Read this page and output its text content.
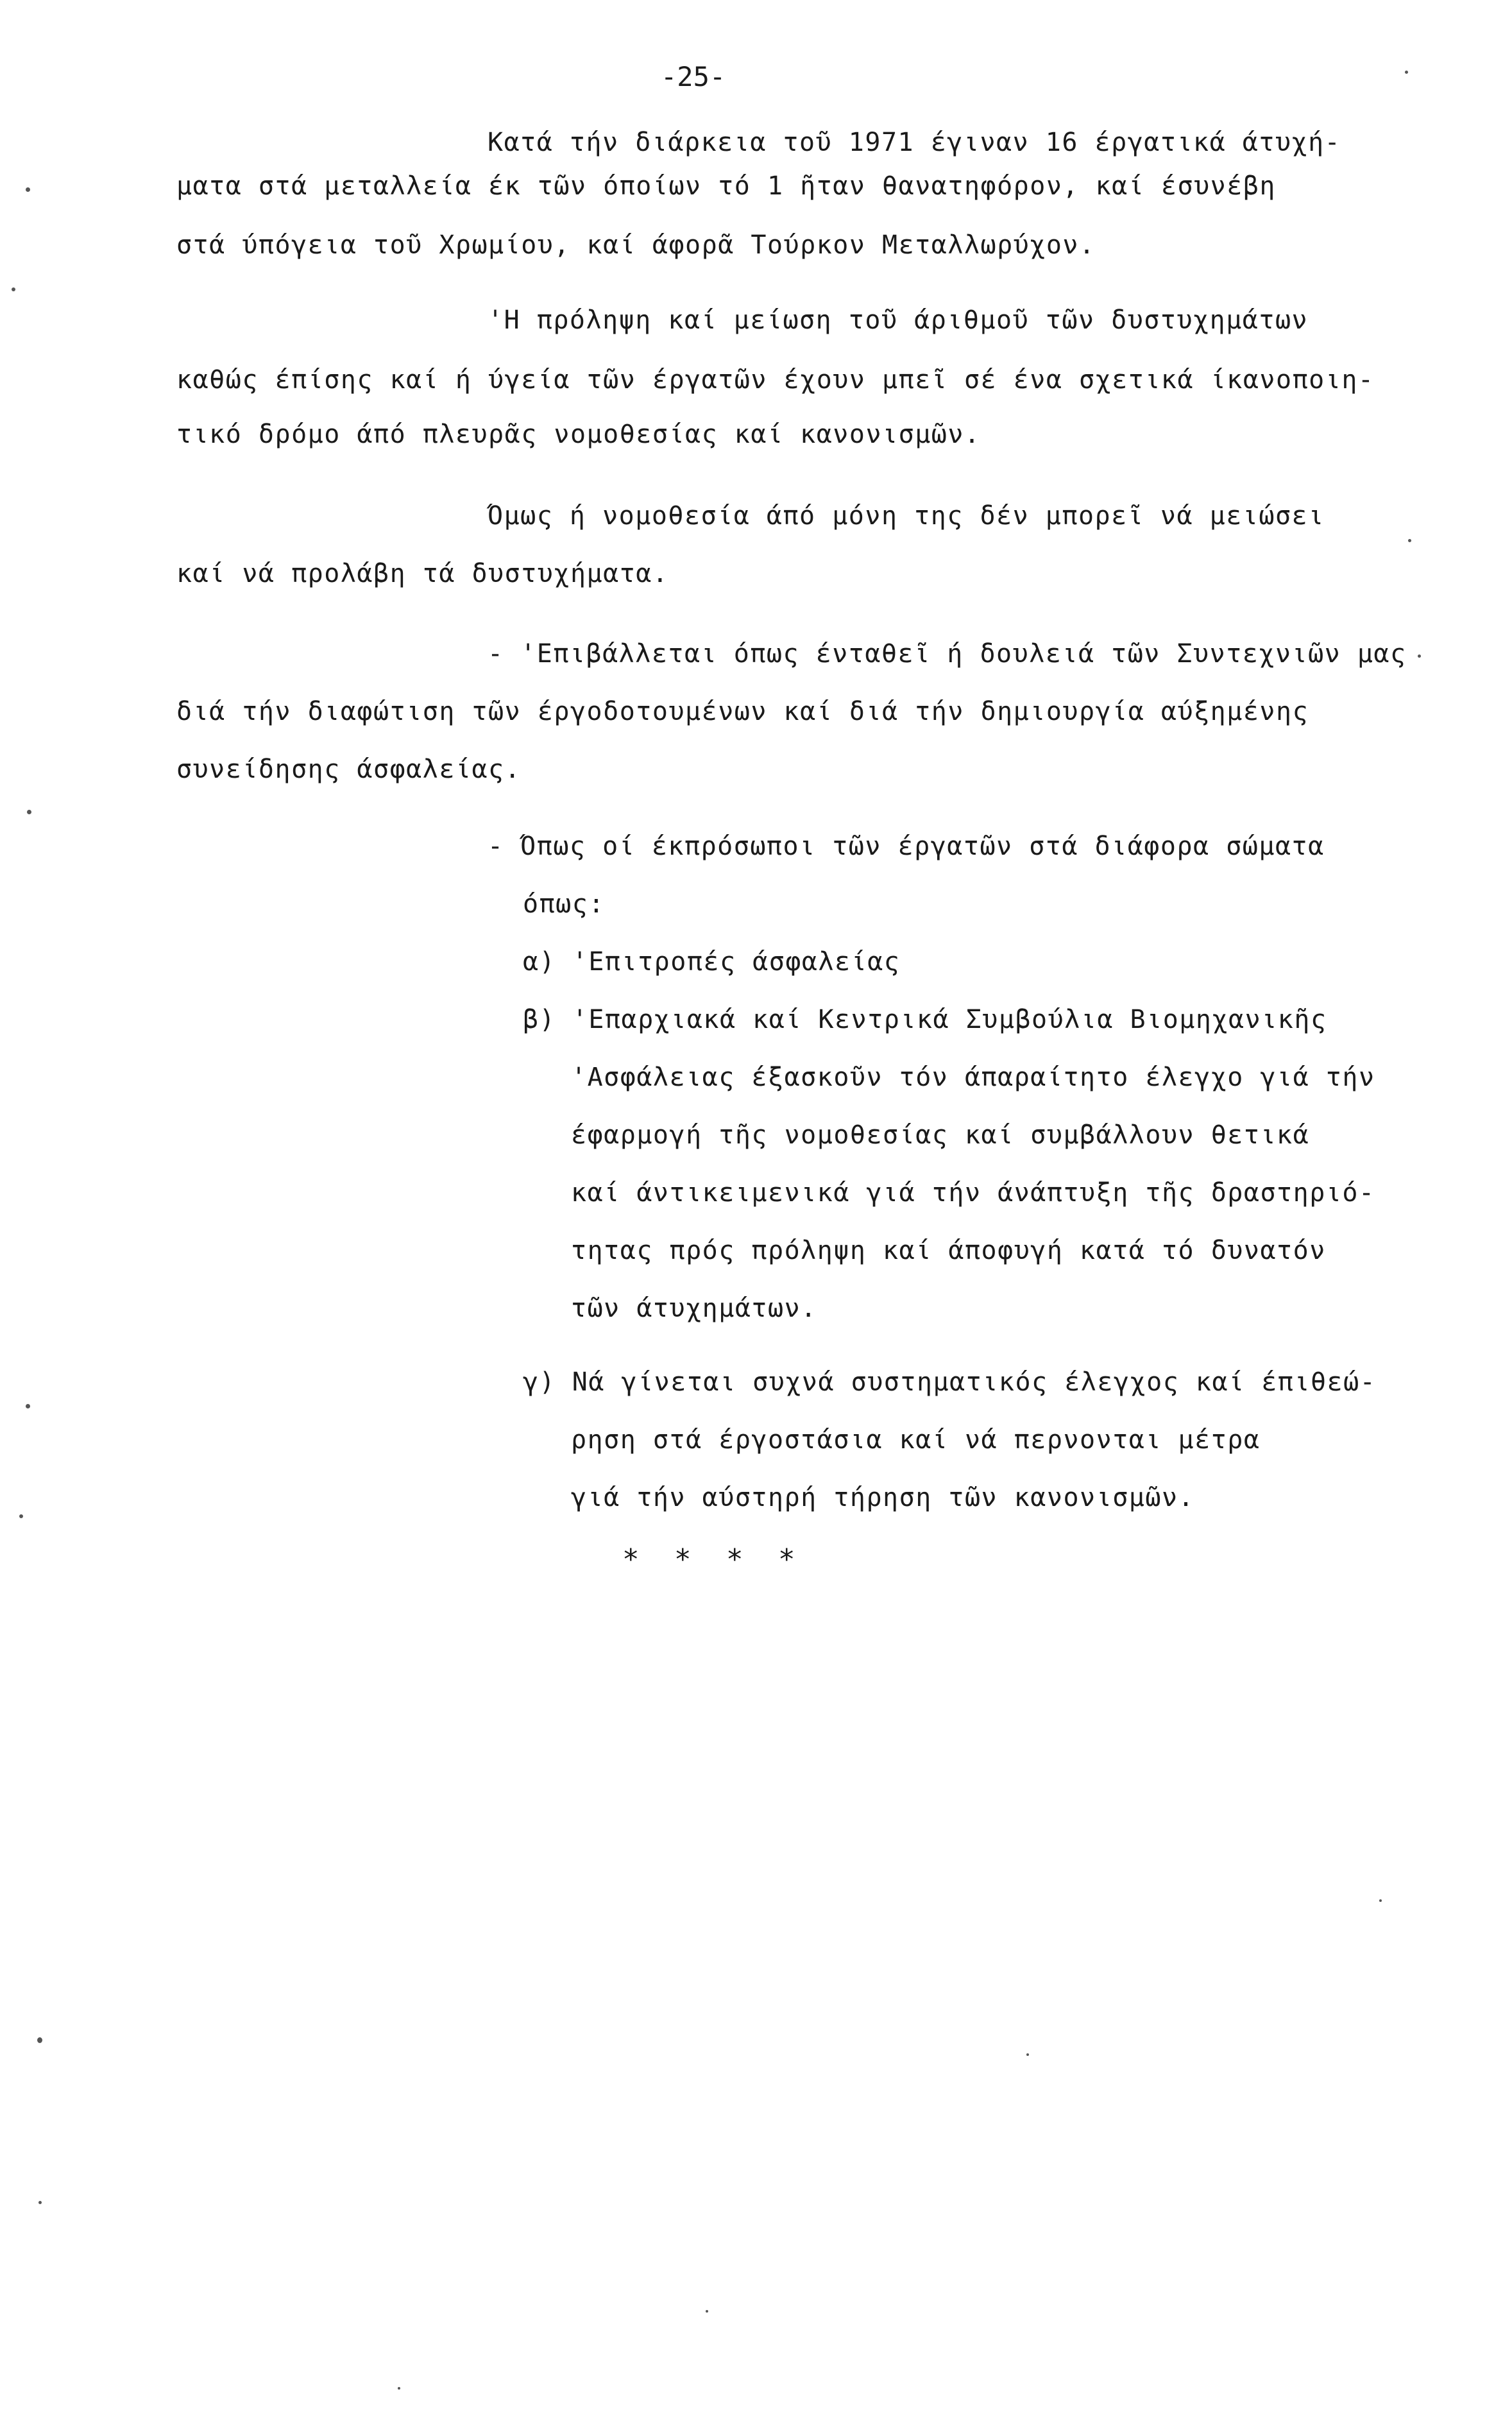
-25-
Κατά τήν διάρκεια τοῦ 1971 έγιναν 16 έργατικά άτυχή-
ματα στά μεταλλεία έκ τῶν όποίων τό 1 ῆταν θανατηφόρον, καί έσυνέβη
στά ύπόγεια τοῦ Χρωμίου, καί άφορᾶ Τούρκον Μεταλλωρύχον.
'Η πρόληψη καί μείωση τοῦ άριθμοῦ τῶν δυστυχημάτων
καθώς έπίσης καί ή ύγεία τῶν έργατῶν έχουν μπεῖ σέ ένα σχετικά ίκανοποιη-
τικό δρόμο άπό πλευρᾶς νομοθεσίας καί κανονισμῶν.
Όμως ή νομοθεσία άπό μόνη της δέν μπορεῖ νά μειώσει
καί νά προλάβη τά δυστυχήματα.
- 'Επιβάλλεται όπως ένταθεῖ ή δουλειά τῶν Συντεχνιῶν μας
διά τήν διαφώτιση τῶν έργοδοτουμένων καί διά τήν δημιουργία αύξημένης
συνείδησης άσφαλείας.
- Όπως οί έκπρόσωποι τῶν έργατῶν στά διάφορα σώματα
όπως:
α) 'Επιτροπές άσφαλείας
β) 'Επαρχιακά καί Κεντρικά Συμβούλια Βιομηχανικῆς
'Ασφάλειας έξασκοῦν τόν άπαραίτητο έλεγχο γιά τήν
έφαρμογή τῆς νομοθεσίας καί συμβάλλουν θετικά
καί άντικειμενικά γιά τήν άνάπτυξη τῆς δραστηριό-
τητας πρός πρόληψη καί άποφυγή κατά τό δυνατόν
τῶν άτυχημάτων.
γ) Νά γίνεται συχνά συστηματικός έλεγχος καί έπιθεώ-
ρηση στά έργοστάσια καί νά περνονται μέτρα
γιά τήν αύστηρή τήρηση τῶν κανονισμῶν.
* * * *
